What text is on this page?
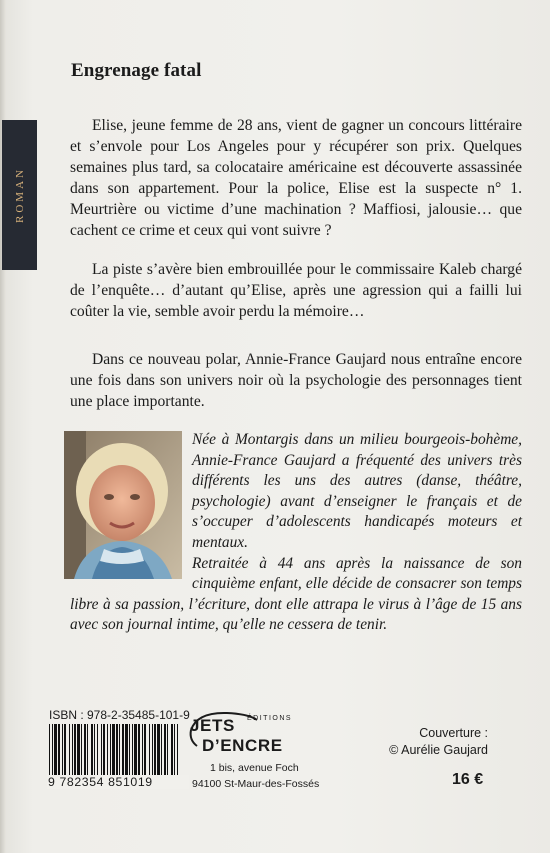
Engrenage fatal
ROMAN

Elise, jeune femme de 28 ans, vient de gagner un concours littéraire et s’envole pour Los Angeles pour y récupérer son prix. Quelques semaines plus tard, sa colocataire américaine est découverte assassinée dans son appartement. Pour la police, Elise est la suspecte n° 1. Meurtrière ou victime d’une machination ? Maffiosi, jalousie… que cachent ce crime et ceux qui vont suivre ?

La piste s’avère bien embrouillée pour le commissaire Kaleb chargé de l’enquête… d’autant qu’Elise, après une agression qui a failli lui coûter la vie, semble avoir perdu la mémoire…

Dans ce nouveau polar, Annie-France Gaujard nous entraîne encore une fois dans son univers noir où la psychologie des personnages tient une place importante.

Née à Montargis dans un milieu bourgeois-bohème, Annie-France Gaujard a fréquenté des univers très différents les uns des autres (danse, théâtre, psychologie) avant d’enseigner le français et de s’occuper d’adolescents handicapés moteurs et mentaux.

Retraitée à 44 ans après la naissance de son cinquième enfant, elle décide de consacrer son temps libre à sa passion, l’écriture, dont elle attrapa le virus à l’âge de 15 ans avec son journal intime, qu’elle ne cessera de tenir.

ISBN : 978-2-35485-101-9
9 782354 851019
JETS ÉDITIONS
D’ENCRE
1 bis, avenue Foch
94100 St-Maur-des-Fossés
Couverture :
© Aurélie Gaujard
16 €
